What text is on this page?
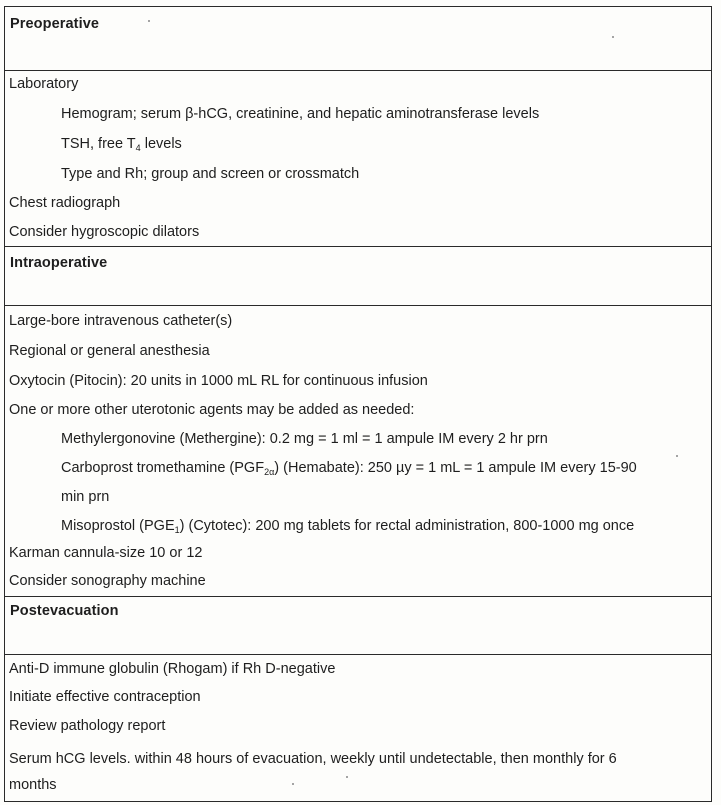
Preoperative
Laboratory
Hemogram; serum β-hCG, creatinine, and hepatic aminotransferase levels
TSH, free $T_4$ levels
Type and Rh; group and screen or crossmatch
Chest radiograph
Consider hygroscopic dilators
Intraoperative
Large-bore intravenous catheter(s)
Regional or general anesthesia
Oxytocin (Pitocin): 20 units in 1000 mL RL for continuous infusion
One or more other uterotonic agents may be added as needed:
Methylergonovine (Methergine): 0.2 mg = 1 ml = 1 ampule IM every 2 hr prn
Carboprost tromethamine $(PGF_{2\alpha})$ (Hemabate): 250 µy = 1 mL = 1 ampule IM every 15-90
min prn
Misoprostol $(PGE_1)$ (Cytotec): 200 mg tablets for rectal administration, 800-1000 mg once
Karman cannula-size 10 or 12
Consider sonography machine
Postevacuation
Anti-D immune globulin (Rhogam) if Rh D-negative
Initiate effective contraception
Review pathology report
Serum hCG levels. within 48 hours of evacuation, weekly until undetectable, then monthly for 6
months
